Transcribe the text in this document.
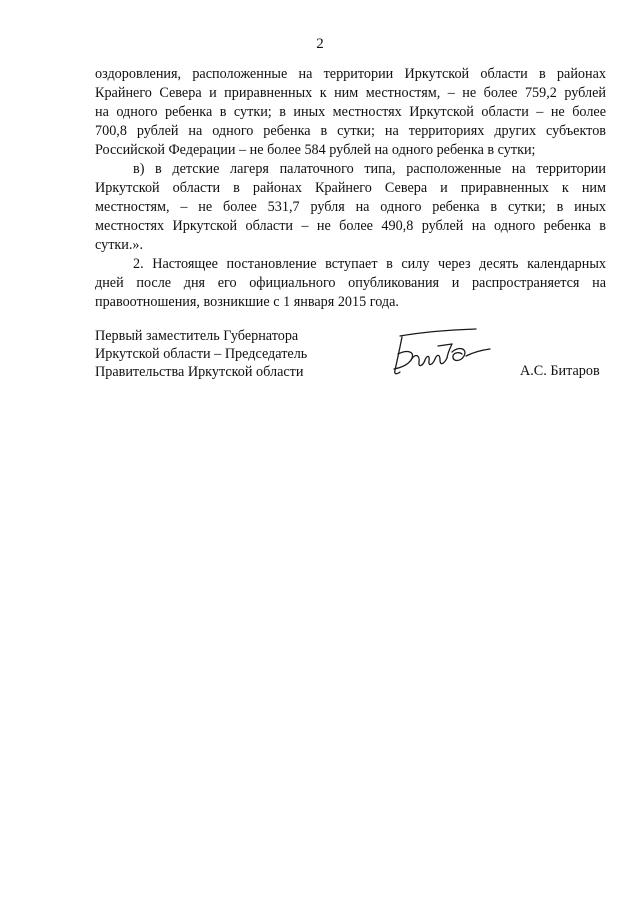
2
оздоровления, расположенные на территории Иркутской области в районах
Крайнего Севера и приравненных к ним местностям, – не более 759,2 рублей
на одного ребенка в сутки; в иных местностях Иркутской области – не более
700,8 рублей на одного ребенка в сутки; на территориях других субъектов
Российской Федерации – не более 584 рублей на одного ребенка в сутки;
в) в детские лагеря палаточного типа, расположенные на территории
Иркутской области в районах Крайнего Севера и приравненных к ним
местностям, – не более 531,7 рубля на одного ребенка в сутки; в иных
местностях Иркутской области – не более 490,8 рублей на одного ребенка в
сутки.».
2. Настоящее постановление вступает в силу через десять календарных
дней после дня его официального опубликования и распространяется на
правоотношения, возникшие с 1 января 2015 года.
Первый заместитель Губернатора
Иркутской области – Председатель
Правительства Иркутской области	А.С. Битаров
